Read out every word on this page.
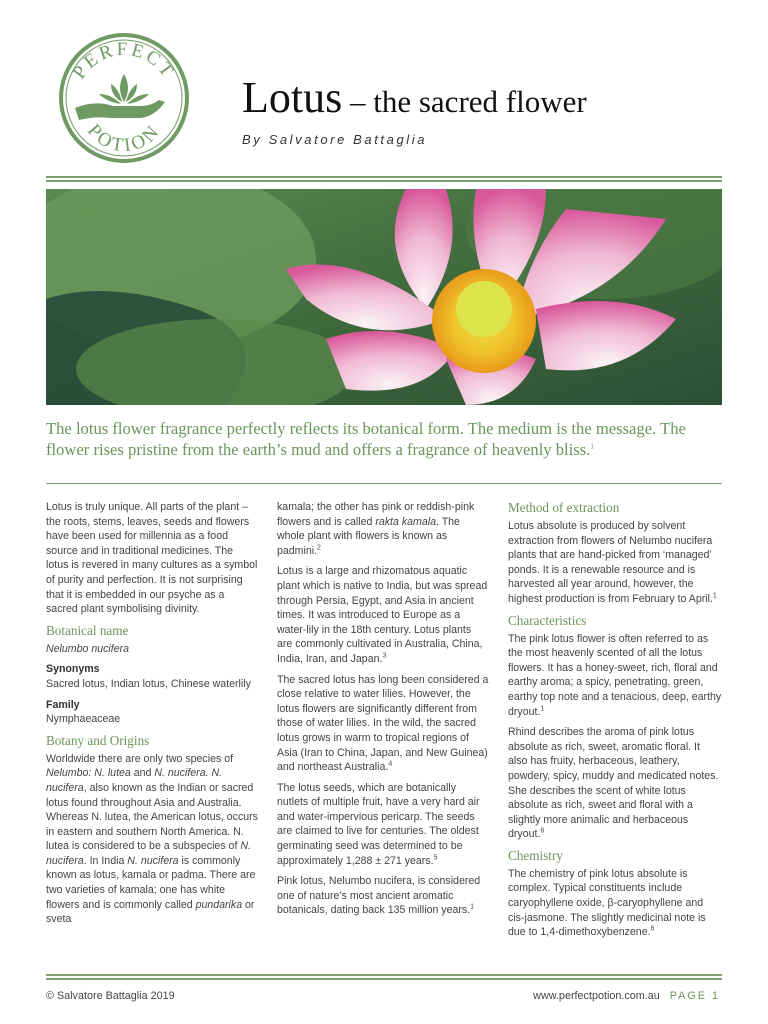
PERFECT
POTION
Lotus – the sacred flower
By Salvatore Battaglia
The lotus flower fragrance perfectly reflects its botanical form. The medium is the message. The flower rises pristine from the earth’s mud and offers a fragrance of heavenly bliss.$^1$

Lotus is truly unique. All parts of the plant – the roots, stems, leaves, seeds and flowers have been used for millennia as a food source and in traditional medicines. The lotus is revered in many cultures as a symbol of purity and perfection. It is not surprising that it is embedded in our psyche as a sacred plant symbolising divinity.

Botanical name

Nelumbo nucifera

Synonyms

Sacred lotus, Indian lotus, Chinese waterlily

Family

Nymphaeaceae

Botany and Origins

Worldwide there are only two species of Nelumbo: N. lutea and N. nucifera. N. nucifera, also known as the Indian or sacred lotus found throughout Asia and Australia. Whereas N. lutea, the American lotus, occurs in eastern and southern North America. N. lutea is considered to be a subspecies of N. nucifera. In India N. nucifera is commonly known as lotus, kamala or padma. There are two varieties of kamala; one has white flowers and is commonly called pundarika or sveta

kamala; the other has pink or reddish-pink flowers and is called rakta kamala. The whole plant with flowers is known as padmini.$^2$

Lotus is a large and rhizomatous aquatic plant which is native to India, but was spread through Persia, Egypt, and Asia in ancient times. It was introduced to Europe as a water-lily in the 18th century. Lotus plants are commonly cultivated in Australia, China, India, Iran, and Japan.$^3$

The sacred lotus has long been considered a close relative to water lilies. However, the lotus flowers are significantly different from those of water lilies. In the wild, the sacred lotus grows in warm to tropical regions of Asia (Iran to China, Japan, and New Guinea) and northeast Australia.$^4$

The lotus seeds, which are botanically nutlets of multiple fruit, have a very hard air and water-impervious pericarp. The seeds are claimed to live for centuries. The oldest germinating seed was determined to be approximately 1,288 ± 271 years.$^5$

Pink lotus, Nelumbo nucifera, is considered one of nature’s most ancient aromatic botanicals, dating back 135 million years.$^1$

Method of extraction

Lotus absolute is produced by solvent extraction from flowers of Nelumbo nucifera plants that are hand-picked from ‘managed’ ponds. It is a renewable resource and is harvested all year around, however, the highest production is from February to April.$^1$

Characteristics

The pink lotus flower is often referred to as the most heavenly scented of all the lotus flowers. It has a honey-sweet, rich, floral and earthy aroma; a spicy, penetrating, green, earthy top note and a tenacious, deep, earthy dryout.$^1$

Rhind describes the aroma of pink lotus absolute as rich, sweet, aromatic floral. It also has fruity, herbaceous, leathery, powdery, spicy, muddy and medicated notes. She describes the scent of white lotus absolute as rich, sweet and floral with a slightly more animalic and herbaceous dryout.$^6$

Chemistry

The chemistry of pink lotus absolute is complex. Typical constituents include caryophyllene oxide, β-caryophyllene and cis-jasmone. The slightly medicinal note is due to 1,4-dimethoxybenzene.$^6$

© Salvatore Battaglia 2019	www.perfectpotion.com.au PAGE 1
